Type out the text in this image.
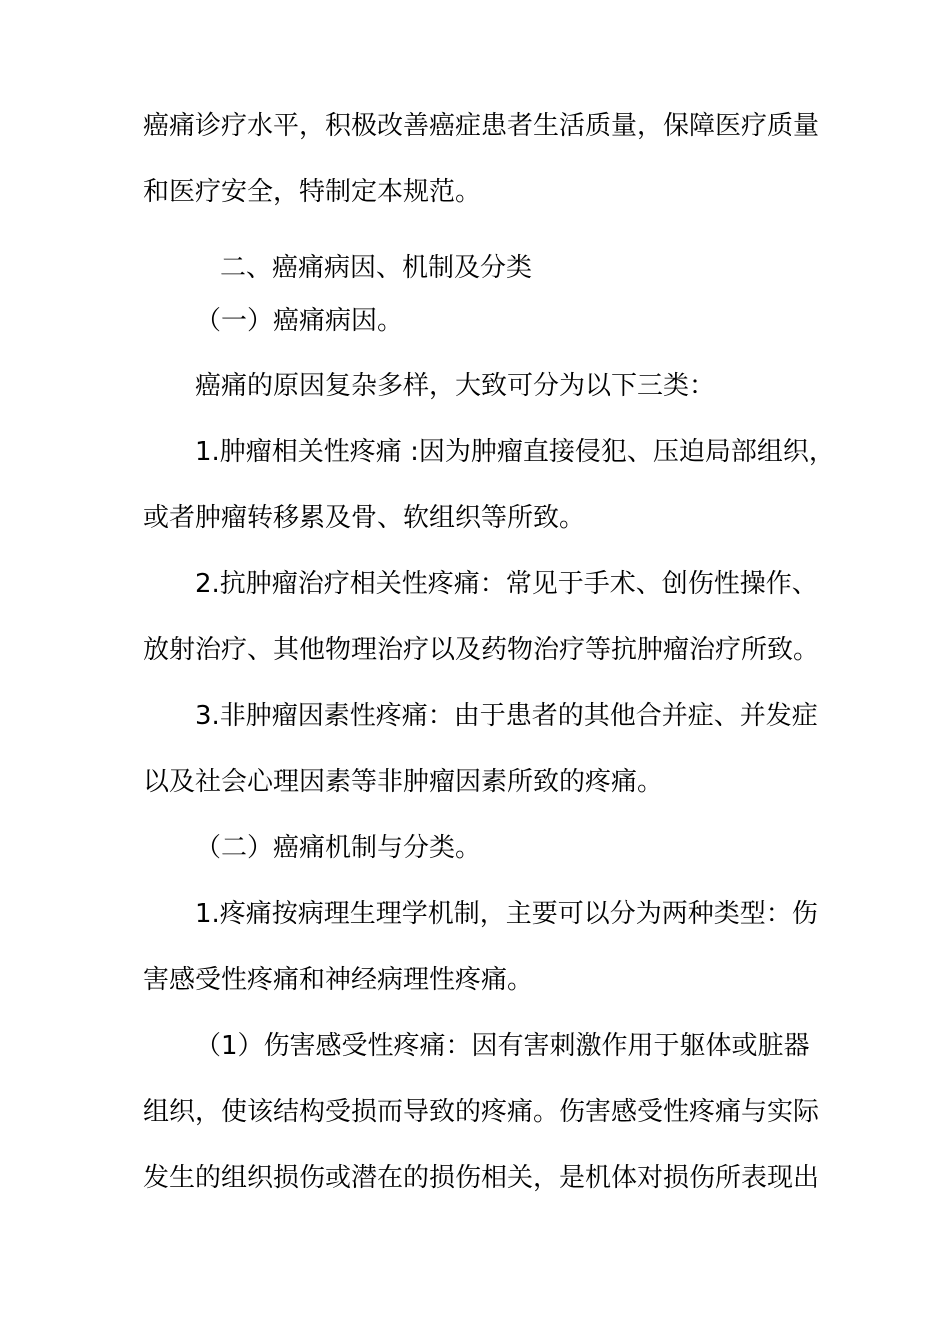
癌痛诊疗水平，积极改善癌症患者生活质量，保障医疗质量
和医疗安全，特制定本规范。
二、癌痛病因、机制及分类
（一）癌痛病因。
癌痛的原因复杂多样，大致可分为以下三类：
1.肿瘤相关性疼痛 :因为肿瘤直接侵犯、压迫局部组织，
或者肿瘤转移累及骨、软组织等所致。
2.抗肿瘤治疗相关性疼痛：常见于手术、创伤性操作、
放射治疗、其他物理治疗以及药物治疗等抗肿瘤治疗所致。
3.非肿瘤因素性疼痛：由于患者的其他合并症、并发症
以及社会心理因素等非肿瘤因素所致的疼痛。
（二）癌痛机制与分类。
1.疼痛按病理生理学机制，主要可以分为两种类型：伤
害感受性疼痛和神经病理性疼痛。
（1）伤害感受性疼痛：因有害刺激作用于躯体或脏器
组织，使该结构受损而导致的疼痛。伤害感受性疼痛与实际
发生的组织损伤或潜在的损伤相关，是机体对损伤所表现出
